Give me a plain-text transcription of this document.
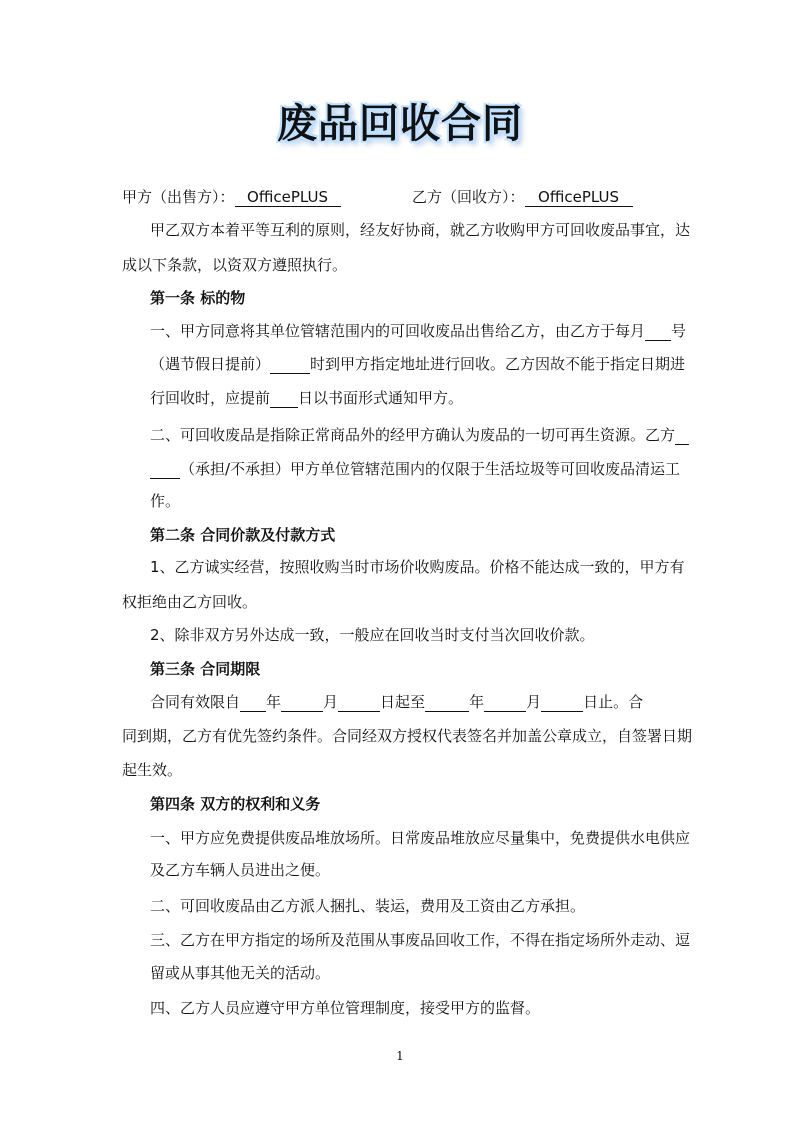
废品回收合同
甲方（出售方）： OfficePLUS	乙方（回收方）： OfficePLUS
甲乙双方本着平等互利的原则，经友好协商，就乙方收购甲方可回收废品事宜，达
成以下条款，以资双方遵照执行。
第一条 标的物
一、甲方同意将其单位管辖范围内的可回收废品出售给乙方，由乙方于每月 号
（遇节假日提前）	时到甲方指定地址进行回收。乙方因故不能于指定日期进
行回收时，应提前 日以书面形式通知甲方。
二、可回收废品是指除正常商品外的经甲方确认为废品的一切可再生资源。乙方
（承担/不承担）甲方单位管辖范围内的仅限于生活垃圾等可回收废品清运工
作。
第二条 合同价款及付款方式
1、乙方诚实经营，按照收购当时市场价收购废品。价格不能达成一致的，甲方有
权拒绝由乙方回收。
2、除非双方另外达成一致，一般应在回收当时支付当次回收价款。
第三条 合同期限
合同有效限自 年	月	日起至	年	月	日止。合
同到期，乙方有优先签约条件。合同经双方授权代表签名并加盖公章成立，自签署日期
起生效。
第四条 双方的权利和义务
一、甲方应免费提供废品堆放场所。日常废品堆放应尽量集中，免费提供水电供应
及乙方车辆人员进出之便。
二、可回收废品由乙方派人捆扎、装运，费用及工资由乙方承担。
三、乙方在甲方指定的场所及范围从事废品回收工作，不得在指定场所外走动、逗
留或从事其他无关的活动。
四、乙方人员应遵守甲方单位管理制度，接受甲方的监督。
1
